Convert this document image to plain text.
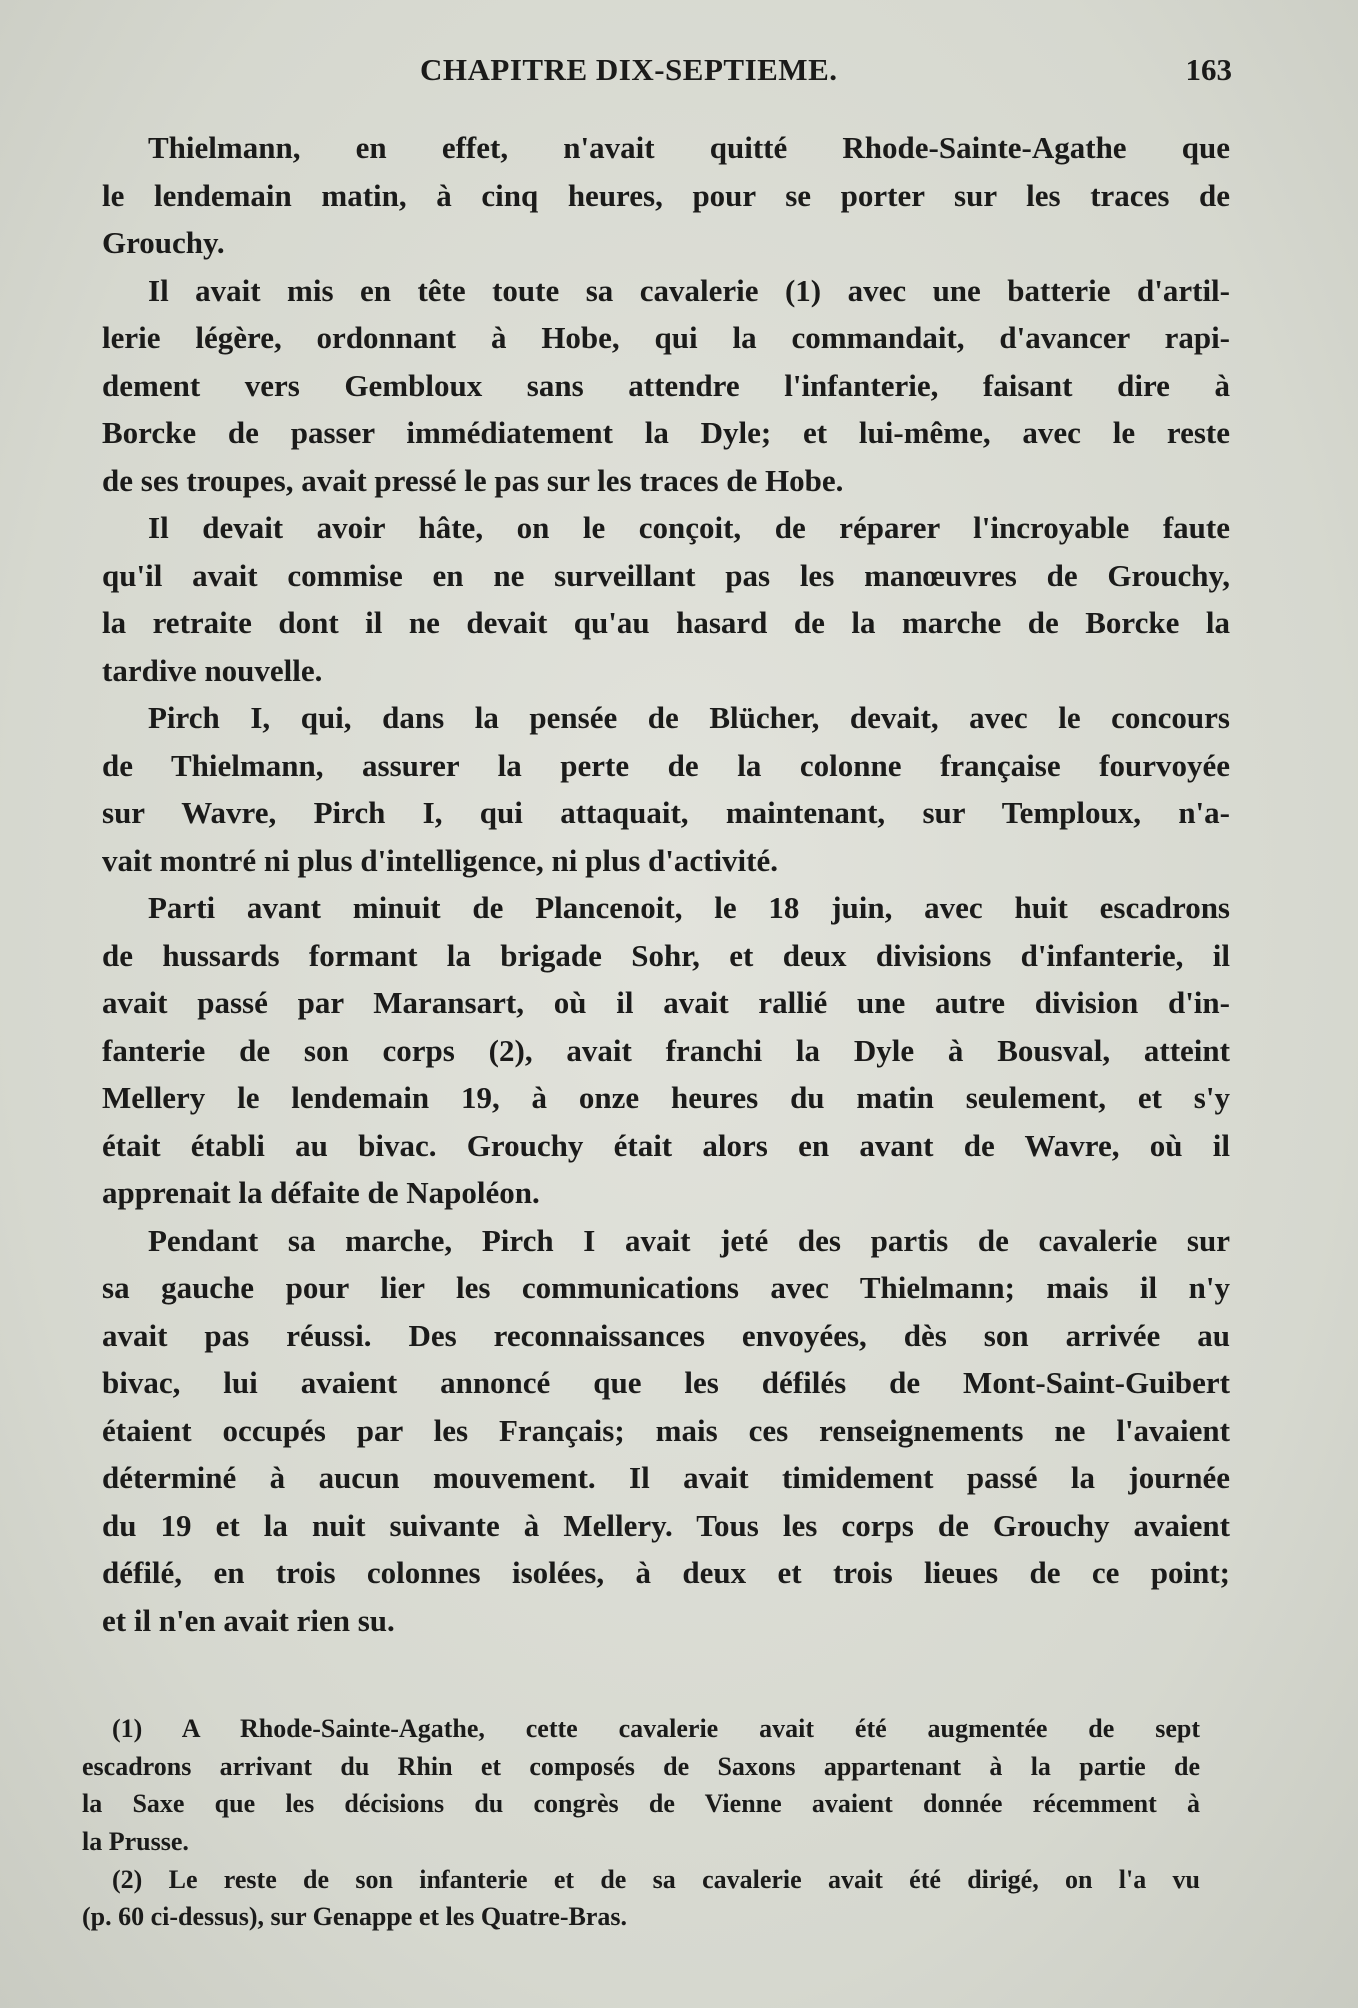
CHAPITRE DIX-SEPTIEME.	163
Thielmann, en effet, n'avait quitté Rhode-Sainte-Agathe que
le lendemain matin, à cinq heures, pour se porter sur les traces de
Grouchy.
Il avait mis en tête toute sa cavalerie (1) avec une batterie d'artil-
lerie légère, ordonnant à Hobe, qui la commandait, d'avancer rapi-
dement vers Gembloux sans attendre l'infanterie, faisant dire à
Borcke de passer immédiatement la Dyle; et lui-même, avec le reste
de ses troupes, avait pressé le pas sur les traces de Hobe.
Il devait avoir hâte, on le conçoit, de réparer l'incroyable faute
qu'il avait commise en ne surveillant pas les manœuvres de Grouchy,
la retraite dont il ne devait qu'au hasard de la marche de Borcke la
tardive nouvelle.
Pirch I, qui, dans la pensée de Blücher, devait, avec le concours
de Thielmann, assurer la perte de la colonne française fourvoyée
sur Wavre, Pirch I, qui attaquait, maintenant, sur Temploux, n'a-
vait montré ni plus d'intelligence, ni plus d'activité.
Parti avant minuit de Plancenoit, le 18 juin, avec huit escadrons
de hussards formant la brigade Sohr, et deux divisions d'infanterie, il
avait passé par Maransart, où il avait rallié une autre division d'in-
fanterie de son corps (2), avait franchi la Dyle à Bousval, atteint
Mellery le lendemain 19, à onze heures du matin seulement, et s'y
était établi au bivac. Grouchy était alors en avant de Wavre, où il
apprenait la défaite de Napoléon.
Pendant sa marche, Pirch I avait jeté des partis de cavalerie sur
sa gauche pour lier les communications avec Thielmann; mais il n'y
avait pas réussi. Des reconnaissances envoyées, dès son arrivée au
bivac, lui avaient annoncé que les défilés de Mont-Saint-Guibert
étaient occupés par les Français; mais ces renseignements ne l'avaient
déterminé à aucun mouvement. Il avait timidement passé la journée
du 19 et la nuit suivante à Mellery. Tous les corps de Grouchy avaient
défilé, en trois colonnes isolées, à deux et trois lieues de ce point;
et il n'en avait rien su.
(1) A Rhode-Sainte-Agathe, cette cavalerie avait été augmentée de sept
escadrons arrivant du Rhin et composés de Saxons appartenant à la partie de
la Saxe que les décisions du congrès de Vienne avaient donnée récemment à
la Prusse.
(2) Le reste de son infanterie et de sa cavalerie avait été dirigé, on l'a vu
(p. 60 ci-dessus), sur Genappe et les Quatre-Bras.
